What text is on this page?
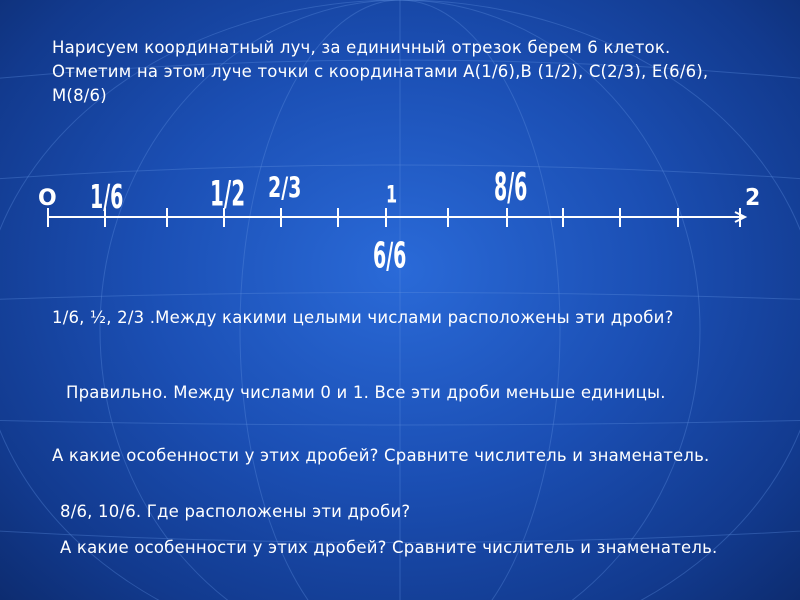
Нарисуем координатный луч, за единичный отрезок берем 6 клеток. Отметим на этом луче точки с координатами А(1/6),В (1/2), С(2/3), Е(6/6), М(8/6)
O 1/6	1/2 2/3	1	8/6	2
6/6
1/6, ½, 2/3 .Между какими целыми числами расположены эти дроби?
Правильно. Между числами 0 и 1. Все эти дроби меньше единицы.
А какие особенности у этих дробей? Сравните числитель и знаменатель.
8/6, 10/6. Где расположены эти дроби?
А какие особенности у этих дробей? Сравните числитель и знаменатель.
